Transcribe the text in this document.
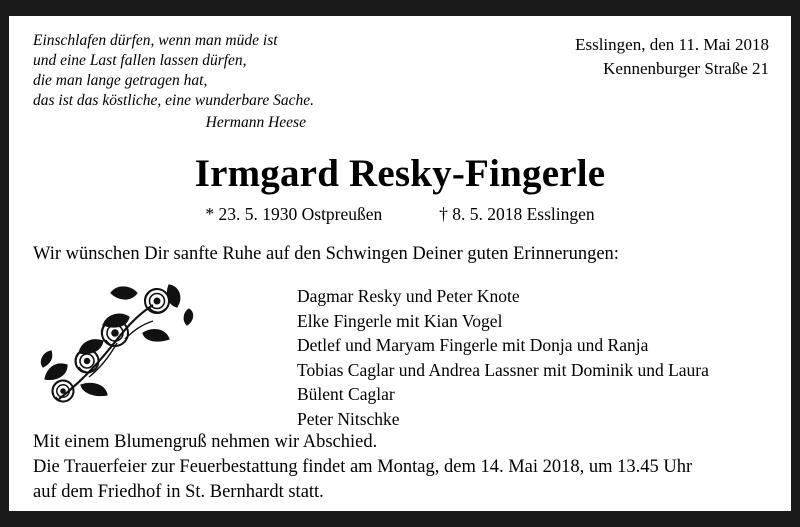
Einschlafen dürfen, wenn man müde ist
und eine Last fallen lassen dürfen,
die man lange getragen hat,
das ist das köstliche, eine wunderbare Sache.
Hermann Heese
Esslingen, den 11. Mai 2018
Kennenburger Straße 21
Irmgard Resky-Fingerle
* 23. 5. 1930 Ostpreußen	† 8. 5. 2018 Esslingen
Wir wünschen Dir sanfte Ruhe auf den Schwingen Deiner guten Erinnerungen:
Dagmar Resky und Peter Knote
Elke Fingerle mit Kian Vogel
Detlef und Maryam Fingerle mit Donja und Ranja
Tobias Caglar und Andrea Lassner mit Dominik und Laura
Bülent Caglar
Peter Nitschke
Mit einem Blumengruß nehmen wir Abschied.
Die Trauerfeier zur Feuerbestattung findet am Montag, dem 14. Mai 2018, um 13.45 Uhr
auf dem Friedhof in St. Bernhardt statt.
